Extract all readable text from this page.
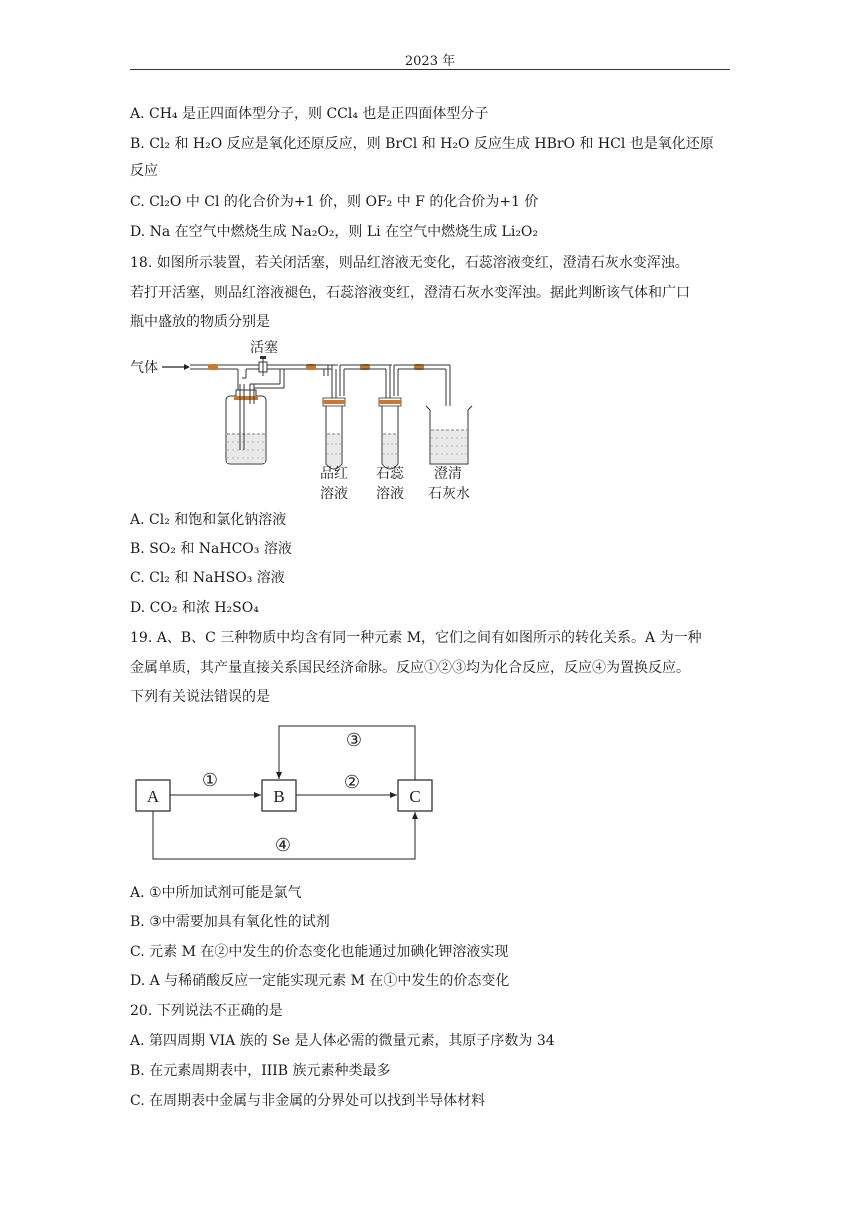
2023 年
A. CH₄ 是正四面体型分子，则 CCl₄ 也是正四面体型分子
B. Cl₂ 和 H₂O 反应是氧化还原反应，则 BrCl 和 H₂O 反应生成 HBrO 和 HCl 也是氧化还原
反应
C. Cl₂O 中 Cl 的化合价为+1 价，则 OF₂ 中 F 的化合价为+1 价
D. Na 在空气中燃烧生成 Na₂O₂，则 Li 在空气中燃烧生成 Li₂O₂
18. 如图所示装置，若关闭活塞，则品红溶液无变化，石蕊溶液变红，澄清石灰水变浑浊。
若打开活塞，则品红溶液褪色，石蕊溶液变红，澄清石灰水变浑浊。据此判断该气体和广口
瓶中盛放的物质分别是
气体
活塞
品红
溶液
石蕊
溶液
澄清
石灰水
A. Cl₂ 和饱和氯化钠溶液
B. SO₂ 和 NaHCO₃ 溶液
C. Cl₂ 和 NaHSO₃ 溶液
D. CO₂ 和浓 H₂SO₄
19. A、B、C 三种物质中均含有同一种元素 M，它们之间有如图所示的转化关系。A 为一种
金属单质，其产量直接关系国民经济命脉。反应①②③均为化合反应，反应④为置换反应。
下列有关说法错误的是
A	B	C
①	②
③
④
A. ①中所加试剂可能是氯气
B. ③中需要加具有氧化性的试剂
C. 元素 M 在②中发生的价态变化也能通过加碘化钾溶液实现
D. A 与稀硝酸反应一定能实现元素 M 在①中发生的价态变化
20. 下列说法不正确的是
A. 第四周期 VIA 族的 Se 是人体必需的微量元素，其原子序数为 34
B. 在元素周期表中，IIIB 族元素种类最多
C. 在周期表中金属与非金属的分界处可以找到半导体材料
